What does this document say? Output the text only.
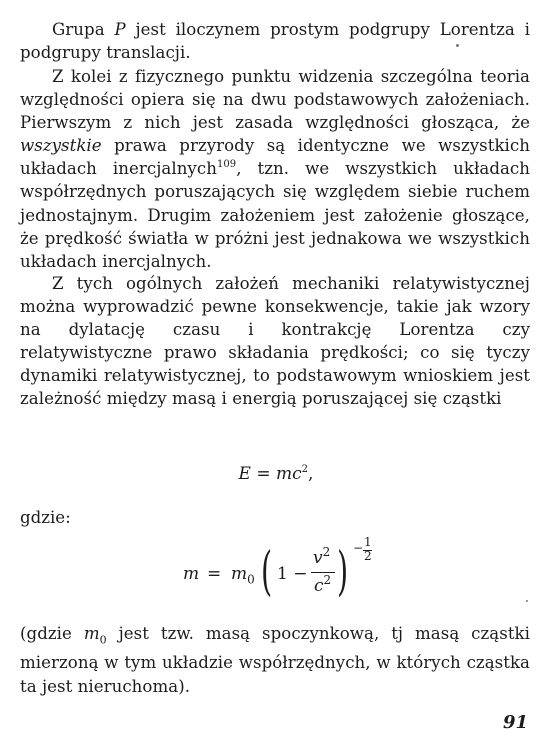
Grupa P jest iloczynem prostym podgrupy Lorentza i podgrupy translacji.

Z kolei z fizycznego punktu widzenia szczególna teoria względności opiera się na dwu podstawowych założeniach. Pierwszym z nich jest zasada względności głosząca, że wszystkie prawa przyrody są identyczne we wszystkich układach inercjalnych$^{109}$, tzn. we wszystkich układach współrzędnych poruszających się względem siebie ruchem jednostajnym. Drugim założeniem jest założenie głoszące, że prędkość światła w próżni jest jednakowa we wszystkich układach inercjalnych.

Z tych ogólnych założeń mechaniki relatywistycznej można wyprowadzić pewne konsekwencje, takie jak wzory na dylatację czasu i kontrakcję Lorentza czy relatywistyczne prawo składania prędkości; co się tyczy dynamiki relatywistycznej, to podstawowym wnioskiem jest zależność między masą i energią poruszającej się cząstki

$E = mc^2$,
gdzie:
$m = m_0$ ( 1 −
$v^2$
$c^2$ ) − 1
2

(gdzie $m_0$ jest tzw. masą spoczynkową, tj masą cząstki mierzoną w tym układzie współrzędnych, w których cząstka ta jest nieruchoma).

91
